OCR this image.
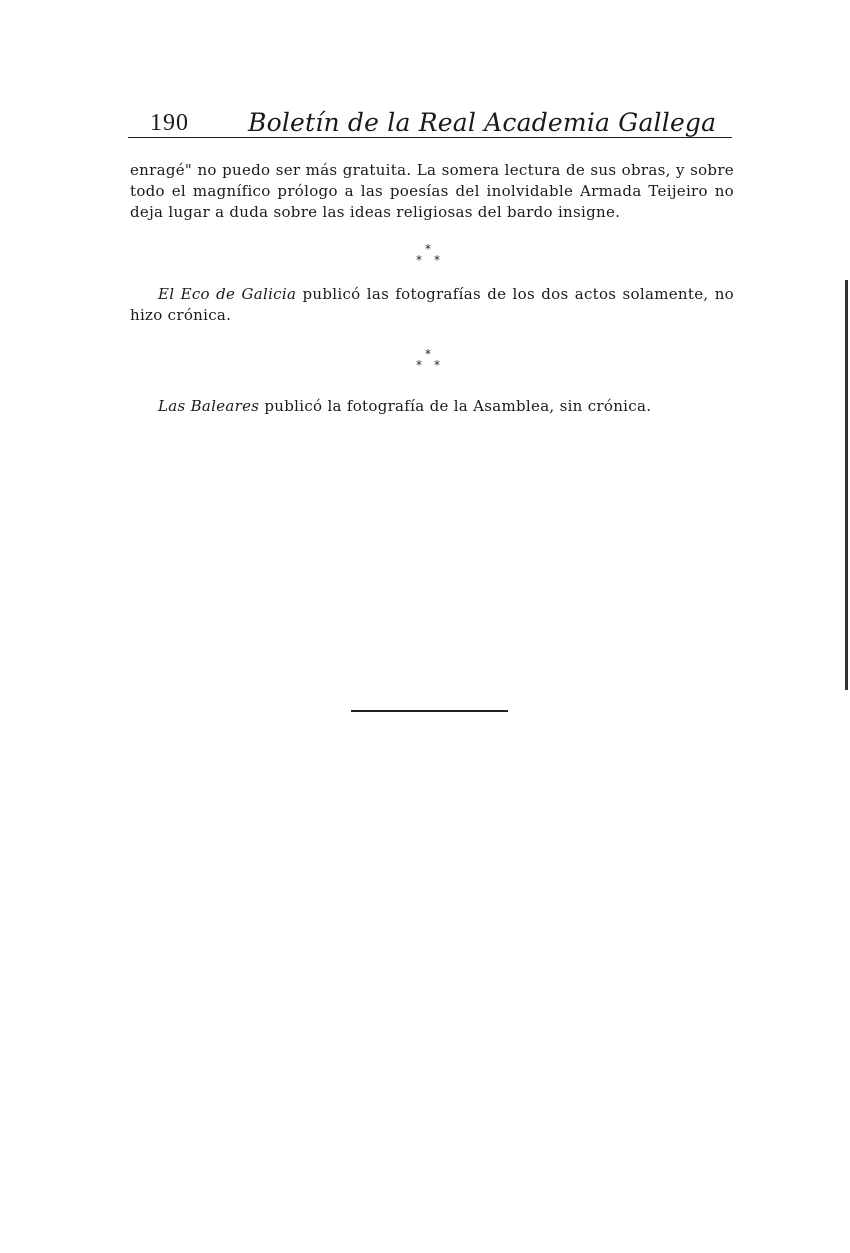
190 Boletín de la Real Academia Gallega

enragé" no puedo ser más gratuita. La somera lectura de sus obras, y sobre todo el magnífico prólogo a las poesías del inolvidable Armada Teijeiro no deja lugar a duda sobre las ideas religiosas del bardo insigne.

*
* *

El Eco de Galicia publicó las fotografías de los dos actos solamente, no hizo crónica.

*
* *

Las Baleares publicó la fotografía de la Asamblea, sin crónica.
